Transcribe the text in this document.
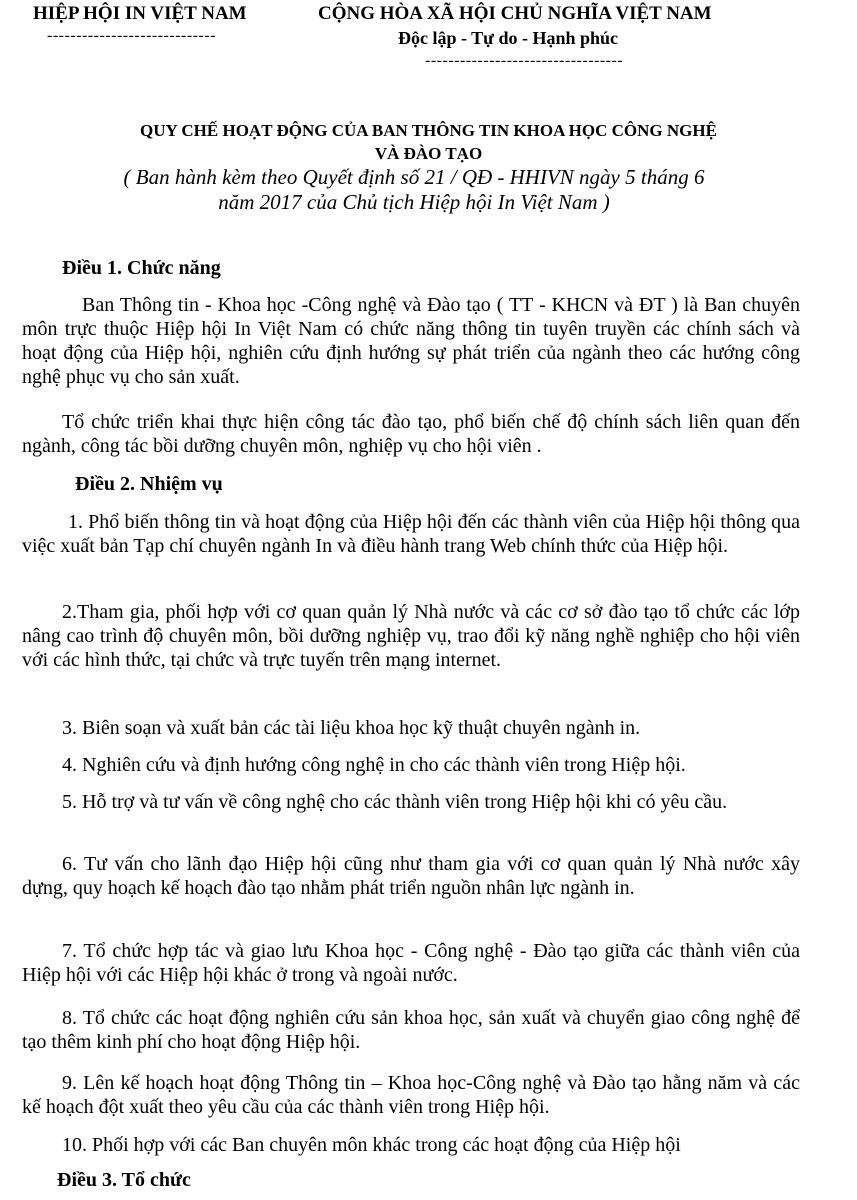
HIỆP HỘI IN VIỆT NAM
-----------------------------
CỘNG HÒA XÃ HỘI CHỦ NGHĨA VIỆT NAM
Độc lập - Tự do - Hạnh phúc
----------------------------------
QUY CHẾ HOẠT ĐỘNG CỦA BAN THÔNG TIN KHOA HỌC CÔNG NGHỆ
VÀ ĐÀO TẠO
( Ban hành kèm theo Quyết định số 21 / QĐ - HHIVN ngày 5 tháng 6
năm 2017 của Chủ tịch Hiệp hội In Việt Nam )
Điều 1. Chức năng

Ban Thông tin - Khoa học -Công nghệ và Đào tạo ( TT - KHCN và ĐT ) là Ban chuyên môn trực thuộc Hiệp hội In Việt Nam có chức năng thông tin tuyên truyền các chính sách và hoạt động của Hiệp hội, nghiên cứu định hướng sự phát triển của ngành theo các hướng công nghệ phục vụ cho sản xuất.

Tổ chức triển khai thực hiện công tác đào tạo, phổ biến chế độ chính sách liên quan đến ngành, công tác bồi dưỡng chuyên môn, nghiệp vụ cho hội viên .

Điều 2. Nhiệm vụ

1. Phổ biến thông tin và hoạt động của Hiệp hội đến các thành viên của Hiệp hội thông qua việc xuất bản Tạp chí chuyên ngành In và điều hành trang Web chính thức của Hiệp hội.

2.Tham gia, phối hợp với cơ quan quản lý Nhà nước và các cơ sở đào tạo tổ chức các lớp nâng cao trình độ chuyên môn, bồi dưỡng nghiệp vụ, trao đổi kỹ năng nghề nghiệp cho hội viên với các hình thức, tại chức và trực tuyến trên mạng internet.

3. Biên soạn và xuất bản các tài liệu khoa học kỹ thuật chuyên ngành in.
4. Nghiên cứu và định hướng công nghệ in cho các thành viên trong Hiệp hội.

5. Hỗ trợ và tư vấn về công nghệ cho các thành viên trong Hiệp hội khi có yêu cầu.

6. Tư vấn cho lãnh đạo Hiệp hội cũng như tham gia với cơ quan quản lý Nhà nước xây dựng, quy hoạch kế hoạch đào tạo nhằm phát triển nguồn nhân lực ngành in.

7. Tổ chức hợp tác và giao lưu Khoa học - Công nghệ - Đào tạo giữa các thành viên của Hiệp hội với các Hiệp hội khác ở trong và ngoài nước.

8. Tổ chức các hoạt động nghiên cứu sản khoa học, sản xuất và chuyển giao công nghệ để tạo thêm kinh phí cho hoạt động Hiệp hội.

9. Lên kế hoạch hoạt động Thông tin – Khoa học-Công nghệ và Đào tạo hằng năm và các kế hoạch đột xuất theo yêu cầu của các thành viên trong Hiệp hội.

10. Phối hợp với các Ban chuyên môn khác trong các hoạt động của Hiệp hội
Điều 3. Tổ chức
